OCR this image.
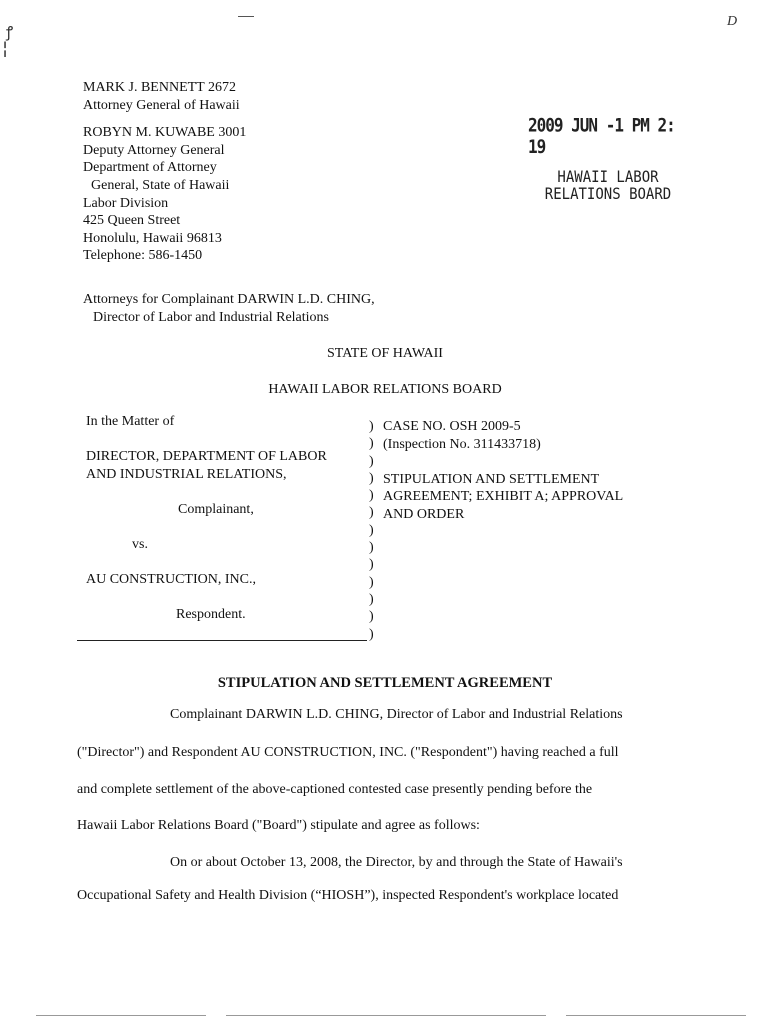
D
ꝭ
¦
MARK J. BENNETT 2672
Attorney General of Hawaii
ROBYN M. KUWABE 3001
Deputy Attorney General
Department of Attorney
General, State of Hawaii
Labor Division
425 Queen Street
Honolulu, Hawaii 96813
Telephone: 586-1450
2009 JUN -1 PM 2: 19
HAWAII LABOR
RELATIONS BOARD
Attorneys for Complainant DARWIN L.D. CHING,
Director of Labor and Industrial Relations
STATE OF HAWAII
HAWAII LABOR RELATIONS BOARD
In the Matter of
DIRECTOR, DEPARTMENT OF LABOR
AND INDUSTRIAL RELATIONS,
Complainant,
vs.
AU CONSTRUCTION, INC.,
Respondent.
)
)
)
)
)
)
)
)
)
)
)
)
)
CASE NO. OSH 2009-5
(Inspection No. 311433718)
STIPULATION AND SETTLEMENT
AGREEMENT; EXHIBIT A; APPROVAL
AND ORDER
STIPULATION AND SETTLEMENT AGREEMENT
Complainant DARWIN L.D. CHING, Director of Labor and Industrial Relations
("Director") and Respondent AU CONSTRUCTION, INC. ("Respondent") having reached a full
and complete settlement of the above-captioned contested case presently pending before the
Hawaii Labor Relations Board ("Board") stipulate and agree as follows:
On or about October 13, 2008, the Director, by and through the State of Hawaii's
Occupational Safety and Health Division (“HIOSH”), inspected Respondent's workplace located
